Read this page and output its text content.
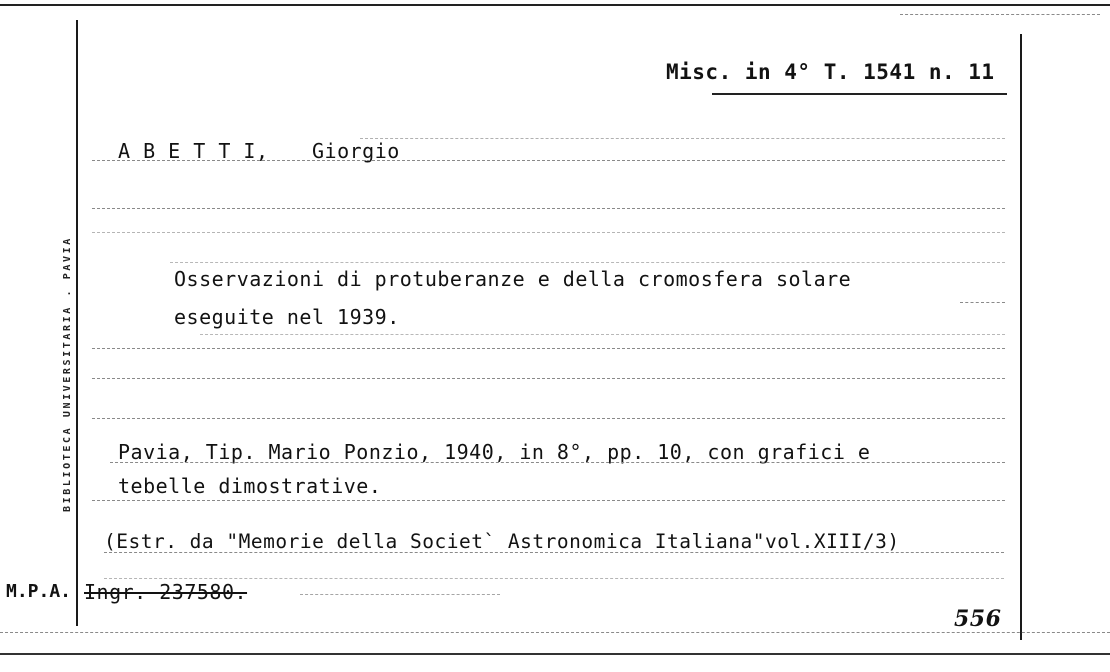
BIBLIOTECA UNIVERSITARIA . PAVIA
Misc. in 4° T. 1541 n. 11
A B E T T I, Giorgio
Osservazioni di protuberanze e della cromosfera solare
eseguite nel 1939.
Pavia, Tip. Mario Ponzio, 1940, in 8°, pp. 10, con grafici e
tebelle dimostrative.
(Estr. da "Memorie della Societ` Astronomica Italiana"vol.XIII/3)
M.P.A. Ingr. 237580.
556
